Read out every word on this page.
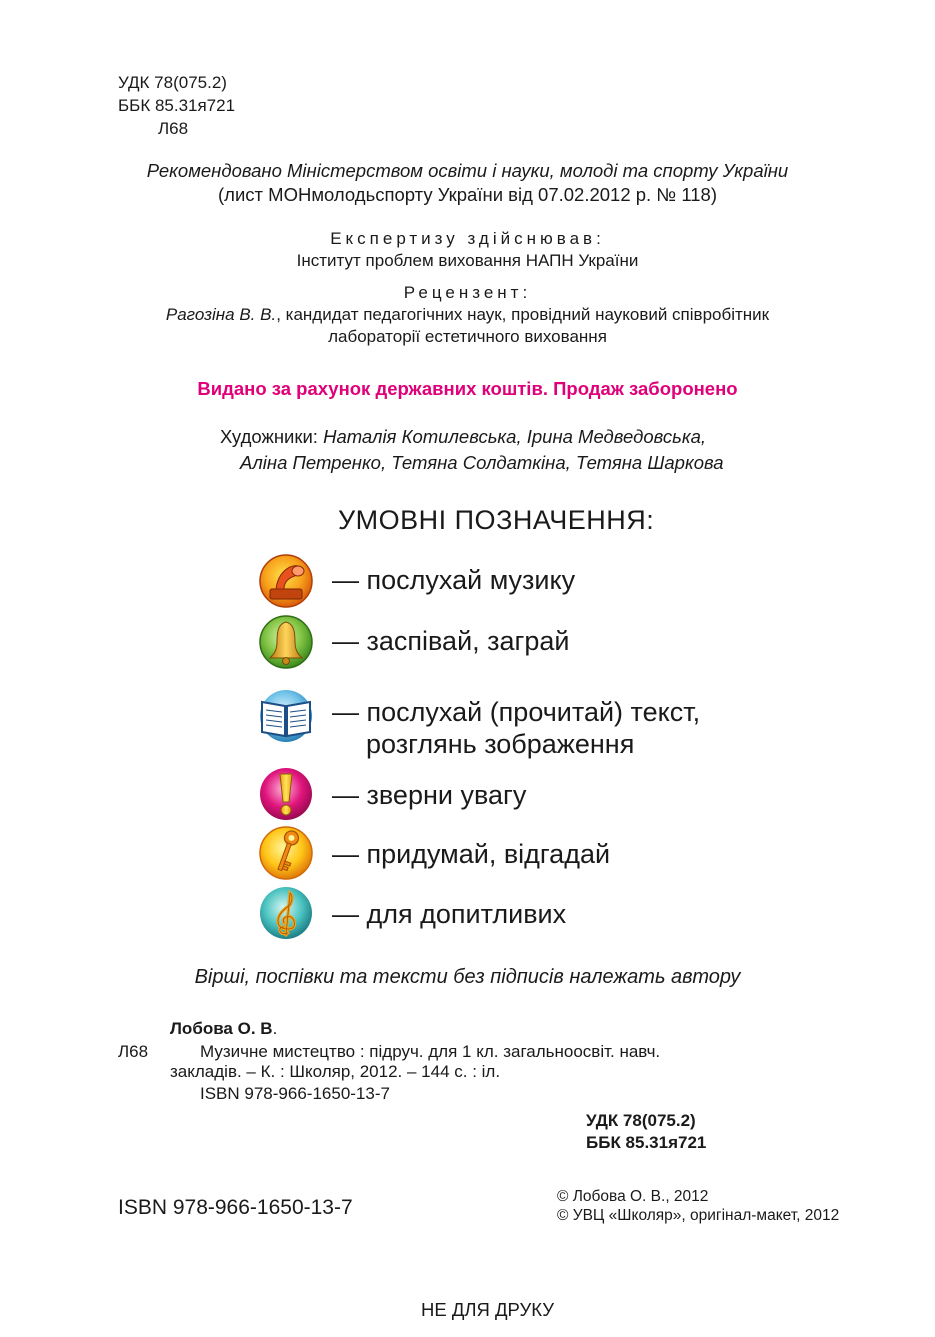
УДК 78(075.2)
ББК 85.31я721
Л68
Рекомендовано Міністерством освіти і науки, молоді та спорту України
(лист МОНмолодьспорту України від 07.02.2012 р. № 118)
Експертизу здійснював:
Інститут проблем виховання НАПН України
Рецензент:
Рагозіна В. В., кандидат педагогічних наук, провідний науковий співробітник
лабораторії естетичного виховання
Видано за рахунок державних коштів. Продаж заборонено
Художники: Наталія Котилевська, Ірина Медведовська,
Аліна Петренко, Тетяна Солдаткіна, Тетяна Шаркова
УМОВНІ ПОЗНАЧЕННЯ:
— послухай музику
— заспівай, заграй
— послухай (прочитай) текст,
розглянь зображення
— зверни увагу
— придумай, відгадай
— для допитливих
Вірші, поспівки та тексти без підписів належать автору
Лобова О. В.
Л68	Музичне мистецтво : підруч. для 1 кл. загальноосвіт. навч.
закладів. – К. : Школяр, 2012. – 144 с. : іл.
ISBN 978-966-1650-13-7
УДК 78(075.2)
ББК 85.31я721
ISBN 978-966-1650-13-7	© Лобова О. В., 2012
© УВЦ «Школяр», оригінал-макет, 2012
НЕ ДЛЯ ДРУКУ
